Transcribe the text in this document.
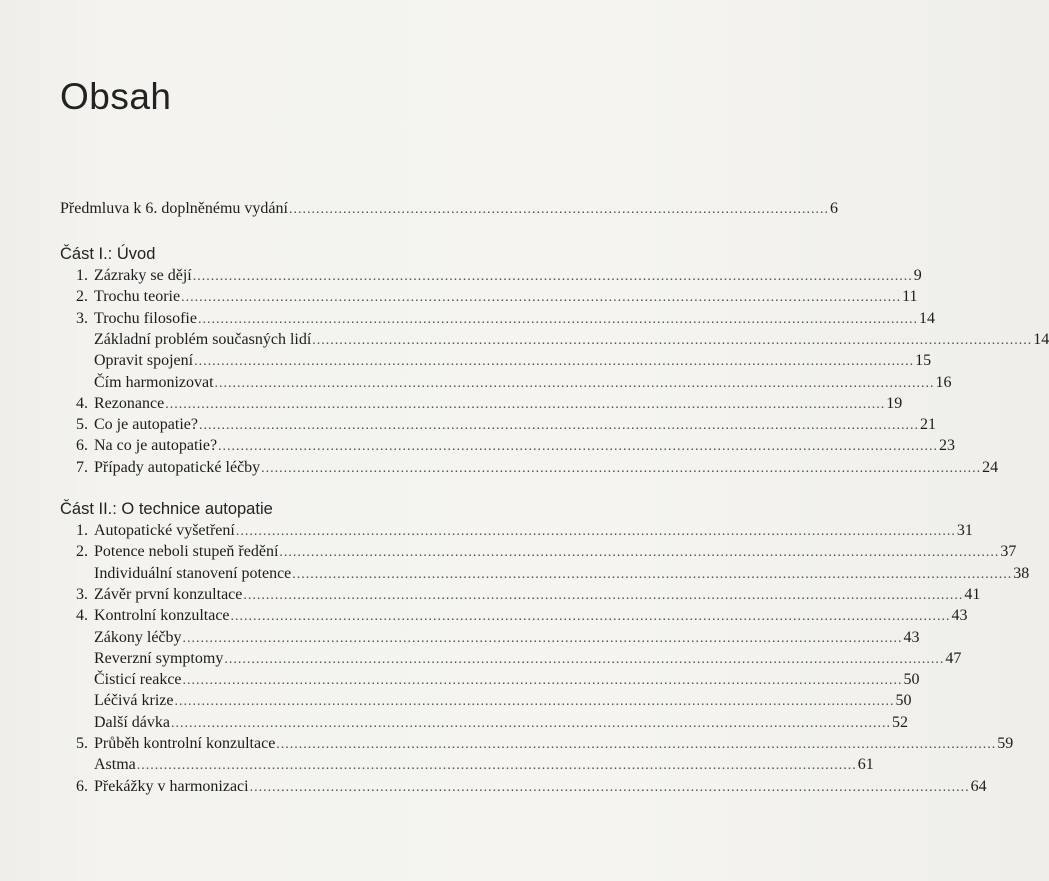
Obsah
Předmluva k 6. doplněnému vydání ........................................................................................................................ 6
Část I.: Úvod
Část II.: O technice autopatie
1. Zázraky se dějí ................................................................................................................................................................ 9
2. Trochu teorie ................................................................................................................................................................ 11
3. Trochu filosofie ................................................................................................................................................................ 14
Základní problém současných lidí ................................................................................................................................................................ 14
Opravit spojení ................................................................................................................................................................ 15
Čím harmonizovat ................................................................................................................................................................ 16
4. Rezonance ................................................................................................................................................................ 19
5. Co je autopatie? ................................................................................................................................................................ 21
6. Na co je autopatie? ................................................................................................................................................................ 23
7. Případy autopatické léčby ................................................................................................................................................................ 24
1. Autopatické vyšetření ................................................................................................................................................................ 31
2. Potence neboli stupeň ředění ................................................................................................................................................................ 37
Individuální stanovení potence ................................................................................................................................................................ 38
3. Závěr první konzultace ................................................................................................................................................................ 41
4. Kontrolní konzultace ................................................................................................................................................................ 43
Zákony léčby ................................................................................................................................................................ 43
Reverzní symptomy ................................................................................................................................................................ 47
Čisticí reakce ................................................................................................................................................................ 50
Léčivá krize ................................................................................................................................................................ 50
Další dávka ................................................................................................................................................................ 52
5. Průběh kontrolní konzultace ................................................................................................................................................................ 59
Astma ................................................................................................................................................................ 61
6. Překážky v harmonizaci ................................................................................................................................................................ 64
